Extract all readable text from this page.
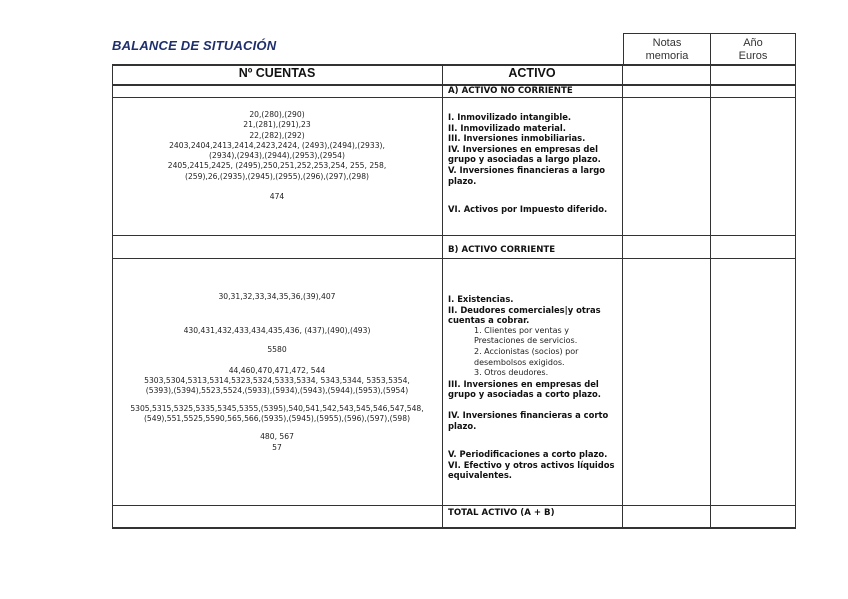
BALANCE DE SITUACIÓN	Notas
memoria
Año
Euros
Nº CUENTAS	ACTIVO
A) ACTIVO NO CORRIENTE
20,(280),(290)
21,(281),(291),23
22,(282),(292)
2403,2404,2413,2414,2423,2424, (2493),(2494),(2933),
(2934),(2943),(2944),(2953),(2954)
2405,2415,2425, (2495),250,251,252,253,254, 255, 258,
(259),26,(2935),(2945),(2955),(296),(297),(298)
474
I. Inmovilizado intangible.
II. Inmovilizado material.
III. Inversiones inmobiliarias.
IV. Inversiones en empresas del grupo y asociadas a largo plazo.
V. Inversiones financieras a largo plazo.
VI. Activos por Impuesto diferido.
B) ACTIVO CORRIENTE
30,31,32,33,34,35,36,(39),407
430,431,432,433,434,435,436, (437),(490),(493)
5580
44,460,470,471,472, 544
5303,5304,5313,5314,5323,5324,5333,5334, 5343,5344, 5353,5354,
(5393),(5394),5523,5524,(5933),(5934),(5943),(5944),(5953),(5954)
5305,5315,5325,5335,5345,5355,(5395),540,541,542,543,545,546,547,548,
(549),551,5525,5590,565,566,(5935),(5945),(5955),(596),(597),(598)
480, 567
57
I. Existencias.
II. Deudores comerciales|y otras cuentas a cobrar.
1. Clientes por ventas y Prestaciones de servicios.
2. Accionistas (socios) por desembolsos exigidos.
3. Otros deudores.
III. Inversiones en empresas del grupo y asociadas a corto plazo.
IV. Inversiones financieras a corto plazo.
V. Periodificaciones a corto plazo.
VI. Efectivo y otros activos líquidos equivalentes.
TOTAL ACTIVO (A + B)
